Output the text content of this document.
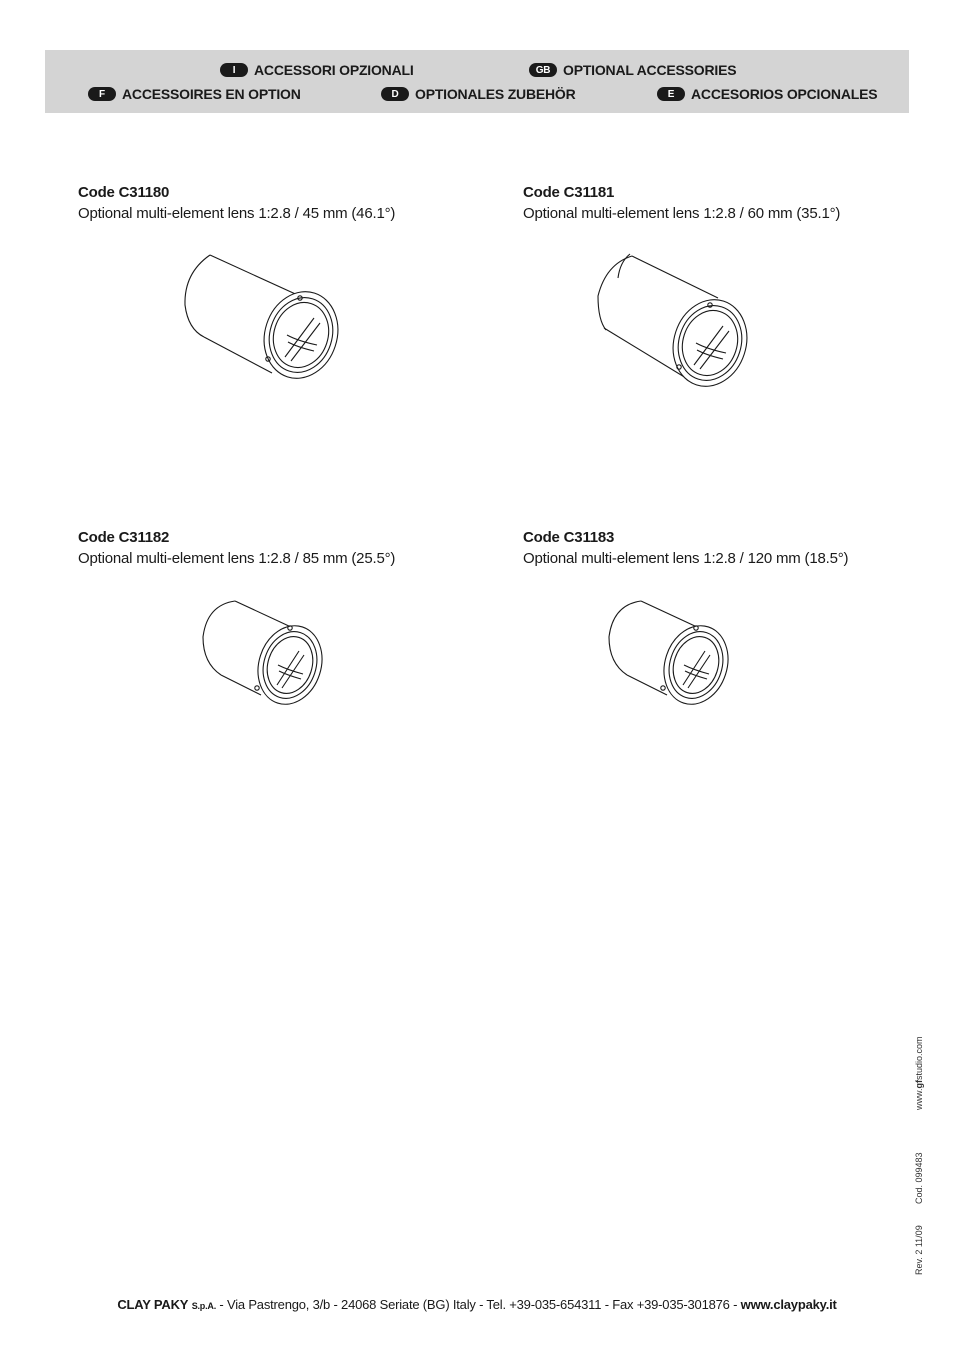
I	ACCESSORI OPZIONALI	GB OPTIONAL ACCESSORIES
F	ACCESSOIRES EN OPTION	D	OPTIONALES ZUBEHÖR	E	ACCESORIOS OPCIONALES
Code C31180
Optional multi-element lens 1:2.8 / 45 mm (46.1°)
Code C31181
Optional multi-element lens 1:2.8 / 60 mm (35.1°)
Code C31182
Optional multi-element lens 1:2.8 / 85 mm (25.5°)
Code C31183
Optional multi-element lens 1:2.8 / 120 mm (18.5°)
www.gfstudio.com
Cod. 099483
Rev. 2 11/09
CLAY PAKY S.p.A. - Via Pastrengo, 3/b - 24068 Seriate (BG) Italy - Tel. +39-035-654311 - Fax +39-035-301876 - www.claypaky.it
